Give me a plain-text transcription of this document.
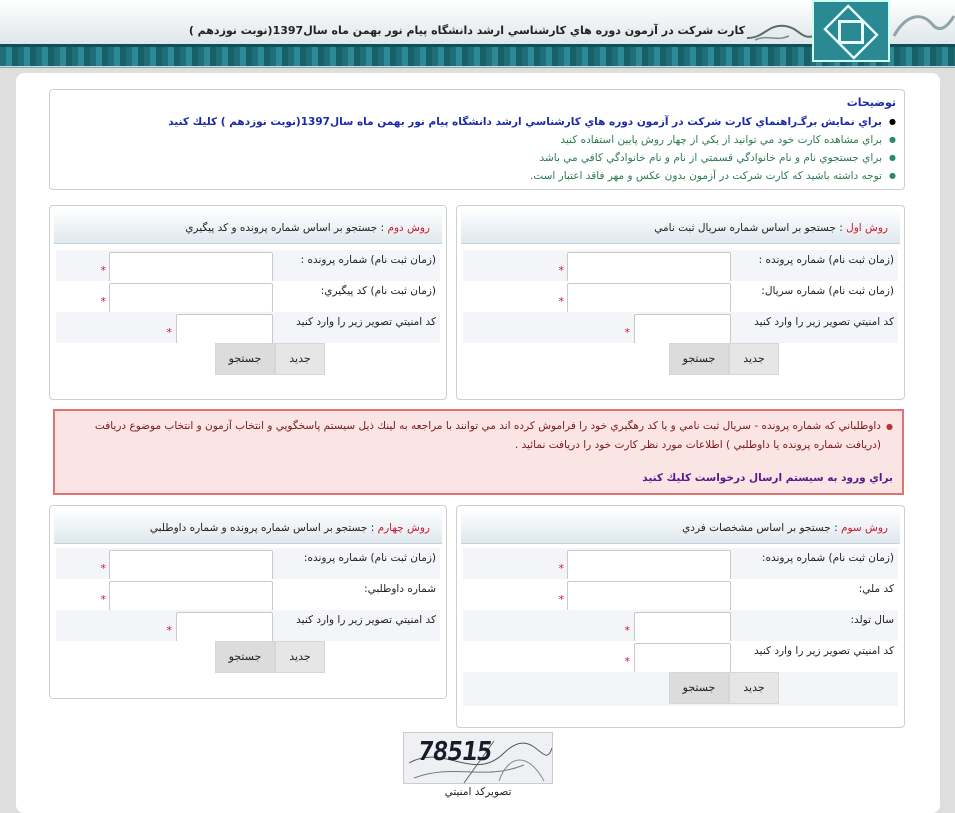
كارت شركت در آزمون دوره هاي كارشناسي ارشد دانشگاه پيام نور بهمن ماه سال1397(نوبت نوزدهم )
توضيحات
● براي نمايش برگـ‌راهنماي كارت شركت در آزمون دوره هاي كارشناسي ارشد دانشگاه پيام نور بهمن ماه سال1397(نوبت نوزدهم ) كليك كنيد
● براي مشاهده كارت خود مي توانيد از يكي از چهار روش پايين استفاده كنيد
● براي جستجوي نام و نام خانوادگي قسمتي از نام و نام خانوادگي كافي مي باشد
● توجه داشته باشيد كه كارت شركت در آزمون بدون عكس و مهر فاقد اعتبار است.
روش اول : جستجو بر اساس شماره سريال ثبت نامي
(زمان ثبت نام) شماره پرونده :
*
(زمان ثبت نام) شماره سريال:
*
كد امنيتي تصوير زير را وارد كنيد
*
جديد
جستجو
روش دوم : جستجو بر اساس شماره پرونده و كد پيگيري
(زمان ثبت نام) شماره پرونده :
*
(زمان ثبت نام) كد پيگيري:
*
كد امنيتي تصوير زير را وارد كنيد
*
جديد
جستجو
● داوطلباني كه شماره پرونده - سريال ثبت نامي و يا كد رهگيري خود را فراموش كرده اند مي توانند با مراجعه به لينك ذيل سيستم پاسخگويي و انتخاب آزمون و انتخاب موضوع دريافت (دريافت شماره پرونده يا داوطلبي ) اطلاعات مورد نظر كارت خود را دريافت نمائيد .
براي ورود به سيستم ارسال درخواست كليك كنيد
روش سوم : جستجو بر اساس مشخصات فردي
(زمان ثبت نام) شماره پرونده:
*
كد ملي:
*
سال تولد:
*
كد امنيتي تصوير زير را وارد كنيد
*
جديد
جستجو
روش چهارم : جستجو بر اساس شماره پرونده و شماره داوطلبي
(زمان ثبت نام) شماره پرونده:
*
شماره داوطلبي:
*
كد امنيتي تصوير زير را وارد كنيد
*
جديد
جستجو
78515
تصويركد امنيتي
